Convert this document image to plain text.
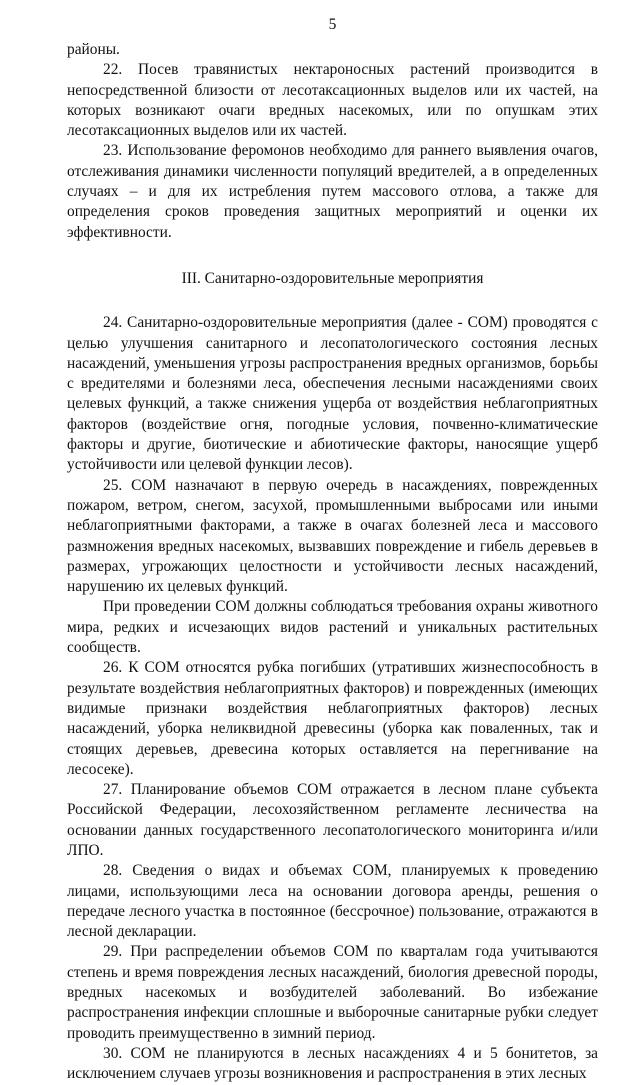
5

районы.

22. Посев травянистых нектароносных растений производится в непосредственной близости от лесотаксационных выделов или их частей, на которых возникают очаги вредных насекомых, или по опушкам этих лесотаксационных выделов или их частей.

23. Использование феромонов необходимо для раннего выявления очагов, отслеживания динамики численности популяций вредителей, а в определенных случаях – и для их истребления путем массового отлова, а также для определения сроков проведения защитных мероприятий и оценки их эффективности.

III. Санитарно-оздоровительные мероприятия

24. Санитарно-оздоровительные мероприятия (далее - СОМ) проводятся с целью улучшения санитарного и лесопатологического состояния лесных насаждений, уменьшения угрозы распространения вредных организмов, борьбы с вредителями и болезнями леса, обеспечения лесными насаждениями своих целевых функций, а также снижения ущерба от воздействия неблагоприятных факторов (воздействие огня, погодные условия, почвенно-климатические факторы и другие, биотические и абиотические факторы, наносящие ущерб устойчивости или целевой функции лесов).

25. СОМ назначают в первую очередь в насаждениях, поврежденных пожаром, ветром, снегом, засухой, промышленными выбросами или иными неблагоприятными факторами, а также в очагах болезней леса и массового размножения вредных насекомых, вызвавших повреждение и гибель деревьев в размерах, угрожающих целостности и устойчивости лесных насаждений, нарушению их целевых функций.

При проведении СОМ должны соблюдаться требования охраны животного мира, редких и исчезающих видов растений и уникальных растительных сообществ.

26. К СОМ относятся рубка погибших (утративших жизнеспособность в результате воздействия неблагоприятных факторов) и поврежденных (имеющих видимые признаки воздействия неблагоприятных факторов) лесных насаждений, уборка неликвидной древесины (уборка как поваленных, так и стоящих деревьев, древесина которых оставляется на перегнивание на лесосеке).

27. Планирование объемов СОМ отражается в лесном плане субъекта Российской Федерации, лесохозяйственном регламенте лесничества на основании данных государственного лесопатологического мониторинга и/или ЛПО.

28. Сведения о видах и объемах СОМ, планируемых к проведению лицами, использующими леса на основании договора аренды, решения о передаче лесного участка в постоянное (бессрочное) пользование, отражаются в лесной декларации.

29. При распределении объемов СОМ по кварталам года учитываются степень и время повреждения лесных насаждений, биология древесной породы, вредных насекомых и возбудителей заболеваний. Во избежание распространения инфекции сплошные и выборочные санитарные рубки следует проводить преимущественно в зимний период.

30. СОМ не планируются в лесных насаждениях 4 и 5 бонитетов, за исключением случаев угрозы возникновения и распространения в этих лесных
